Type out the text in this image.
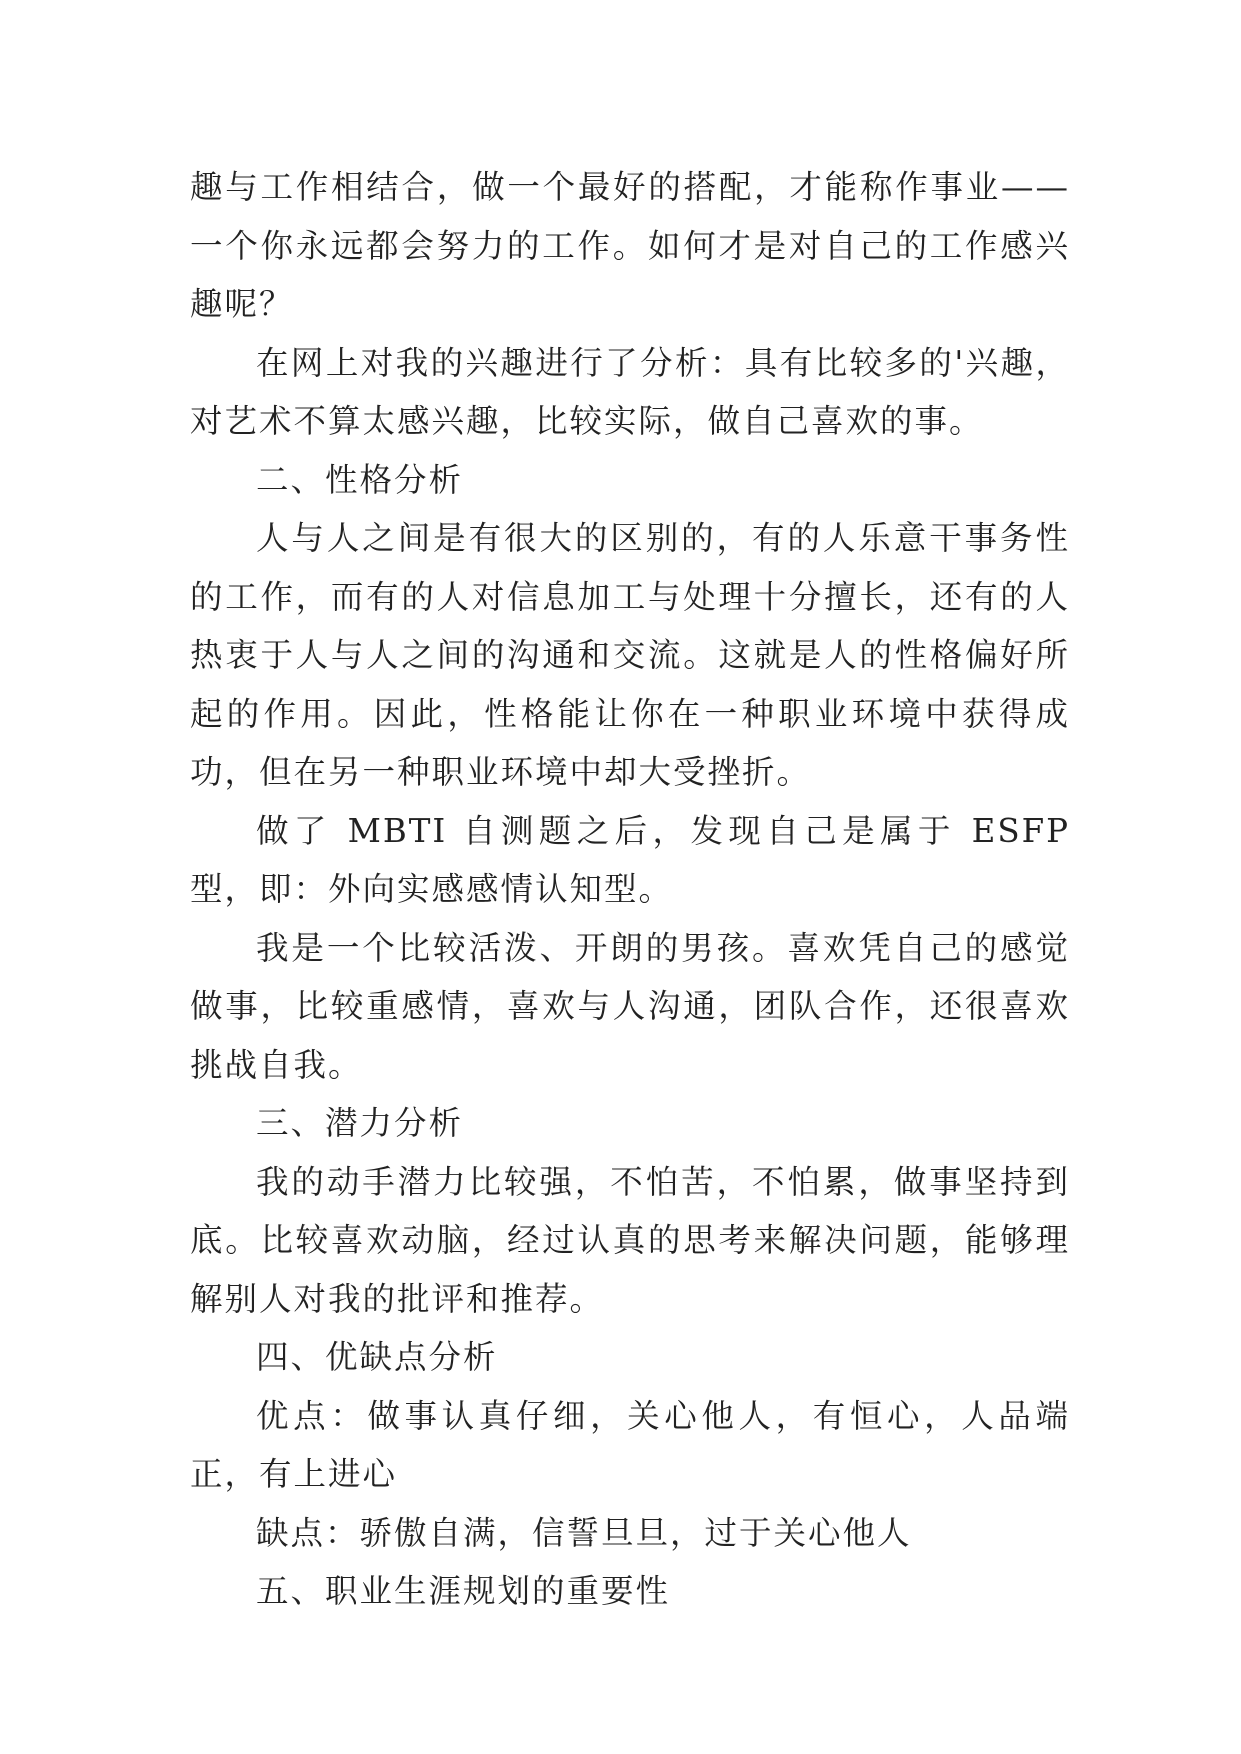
趣与工作相结合，做一个最好的搭配，才能称作事业——一个你永远都会努力的工作。如何才是对自己的工作感兴趣呢？

在网上对我的兴趣进行了分析：具有比较多的'兴趣，对艺术不算太感兴趣，比较实际，做自己喜欢的事。

二、性格分析

人与人之间是有很大的区别的，有的人乐意干事务性的工作，而有的人对信息加工与处理十分擅长，还有的人热衷于人与人之间的沟通和交流。这就是人的性格偏好所起的作用。因此，性格能让你在一种职业环境中获得成功，但在另一种职业环境中却大受挫折。

做了 MBTI 自测题之后，发现自己是属于 ESFP 型，即：外向实感感情认知型。

我是一个比较活泼、开朗的男孩。喜欢凭自己的感觉做事，比较重感情，喜欢与人沟通，团队合作，还很喜欢挑战自我。

三、潜力分析

我的动手潜力比较强，不怕苦，不怕累，做事坚持到底。比较喜欢动脑，经过认真的思考来解决问题，能够理解别人对我的批评和推荐。

四、优缺点分析

优点：做事认真仔细，关心他人，有恒心，人品端正，有上进心

缺点：骄傲自满，信誓旦旦，过于关心他人

五、职业生涯规划的重要性
